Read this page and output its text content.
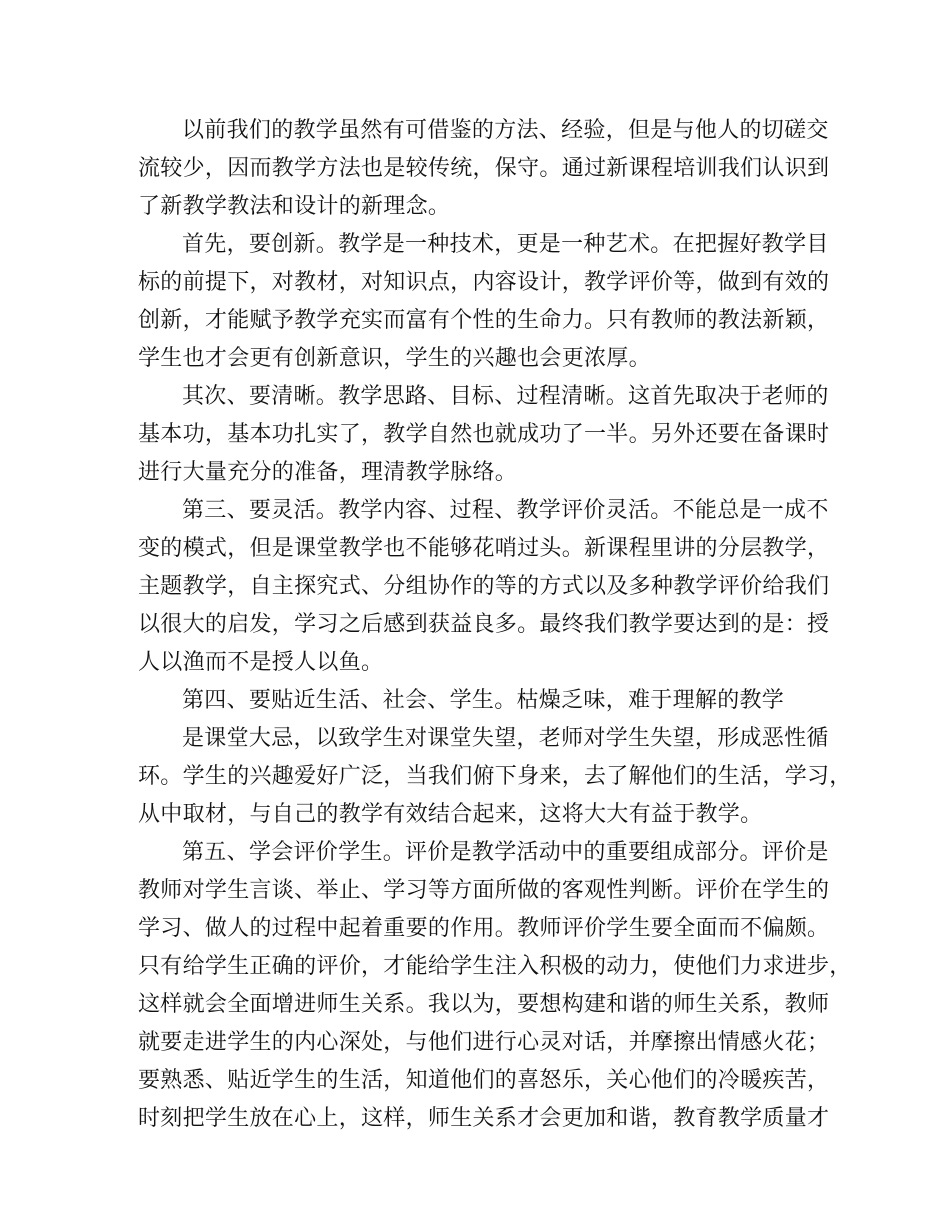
以前我们的教学虽然有可借鉴的方法、经验，但是与他人的切磋交
流较少，因而教学方法也是较传统，保守。通过新课程培训我们认识到
了新教学教法和设计的新理念。
首先，要创新。教学是一种技术，更是一种艺术。在把握好教学目
标的前提下，对教材，对知识点，内容设计，教学评价等，做到有效的
创新，才能赋予教学充实而富有个性的生命力。只有教师的教法新颖，
学生也才会更有创新意识，学生的兴趣也会更浓厚。
其次、要清晰。教学思路、目标、过程清晰。这首先取决于老师的
基本功，基本功扎实了，教学自然也就成功了一半。另外还要在备课时
进行大量充分的准备，理清教学脉络。
第三、要灵活。教学内容、过程、教学评价灵活。不能总是一成不
变的模式，但是课堂教学也不能够花哨过头。新课程里讲的分层教学，
主题教学，自主探究式、分组协作的等的方式以及多种教学评价给我们
以很大的启发，学习之后感到获益良多。最终我们教学要达到的是：授
人以渔而不是授人以鱼。
第四、要贴近生活、社会、学生。枯燥乏味，难于理解的教学
是课堂大忌，以致学生对课堂失望，老师对学生失望，形成恶性循
环。学生的兴趣爱好广泛，当我们俯下身来，去了解他们的生活，学习，
从中取材，与自己的教学有效结合起来，这将大大有益于教学。
第五、学会评价学生。评价是教学活动中的重要组成部分。评价是
教师对学生言谈、举止、学习等方面所做的客观性判断。评价在学生的
学习、做人的过程中起着重要的作用。教师评价学生要全面而不偏颇。
只有给学生正确的评价，才能给学生注入积极的动力，使他们力求进步，
这样就会全面增进师生关系。我以为，要想构建和谐的师生关系，教师
就要走进学生的内心深处，与他们进行心灵对话，并摩擦出情感火花；
要熟悉、贴近学生的生活，知道他们的喜怒乐，关心他们的冷暖疾苦，
时刻把学生放在心上，这样，师生关系才会更加和谐，教育教学质量才
